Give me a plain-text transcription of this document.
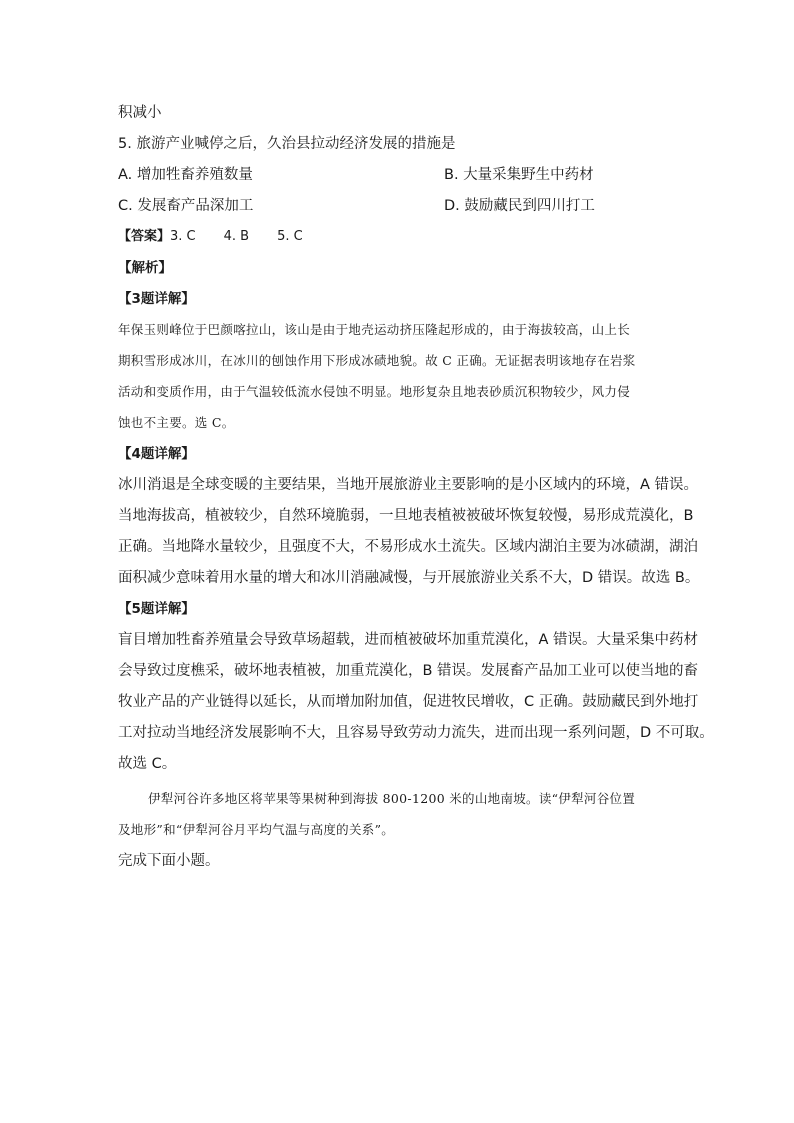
积减小
5. 旅游产业喊停之后，久治县拉动经济发展的措施是
A. 增加牲畜养殖数量	B. 大量采集野生中药材
C. 发展畜产品深加工	D. 鼓励藏民到四川打工
【答案】3. C 4. B 5. C
【解析】
【3题详解】
年保玉则峰位于巴颜喀拉山，该山是由于地壳运动挤压隆起形成的，由于海拔较高，山上长
期积雪形成冰川，在冰川的刨蚀作用下形成冰碛地貌。故 C 正确。无证据表明该地存在岩浆
活动和变质作用，由于气温较低流水侵蚀不明显。地形复杂且地表砂质沉积物较少，风力侵
蚀也不主要。选 C。
【4题详解】
冰川消退是全球变暖的主要结果，当地开展旅游业主要影响的是小区域内的环境，A 错误。
当地海拔高，植被较少，自然环境脆弱，一旦地表植被被破坏恢复较慢，易形成荒漠化，B
正确。当地降水量较少，且强度不大，不易形成水土流失。区域内湖泊主要为冰碛湖，湖泊
面积减少意味着用水量的增大和冰川消融减慢，与开展旅游业关系不大，D 错误。故选 B。
【5题详解】
盲目增加牲畜养殖量会导致草场超载，进而植被破坏加重荒漠化，A 错误。大量采集中药材
会导致过度樵采，破坏地表植被，加重荒漠化，B 错误。发展畜产品加工业可以使当地的畜
牧业产品的产业链得以延长，从而增加附加值，促进牧民增收，C 正确。鼓励藏民到外地打
工对拉动当地经济发展影响不大，且容易导致劳动力流失，进而出现一系列问题，D 不可取。
故选 C。
伊犁河谷许多地区将苹果等果树种到海拔 800-1200 米的山地南坡。读“伊犁河谷位置
及地形”和“伊犁河谷月平均气温与高度的关系”。
完成下面小题。
